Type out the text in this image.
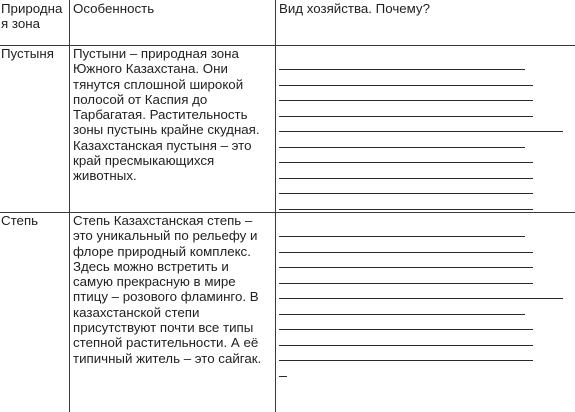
Природная зона	Особенность	Вид хозяйства. Почему?
Пустыня	Пустыни – природная зона Южного Казахстана. Они тянутся сплошной широкой полосой от Каспия до Тарбагатая. Растительность зоны пустынь крайне скудная. Казахстанская пустыня – это край пресмыкающихся животных.	

Степь	Степь Казахстанская степь – это уникальный по рельефу и флоре природный комплекс. Здесь можно встретить и самую прекрасную в мире птицу – розового фламинго. В казахстанской степи присутствуют почти все типы степной растительности. А её типичный житель – это сайгак.	
